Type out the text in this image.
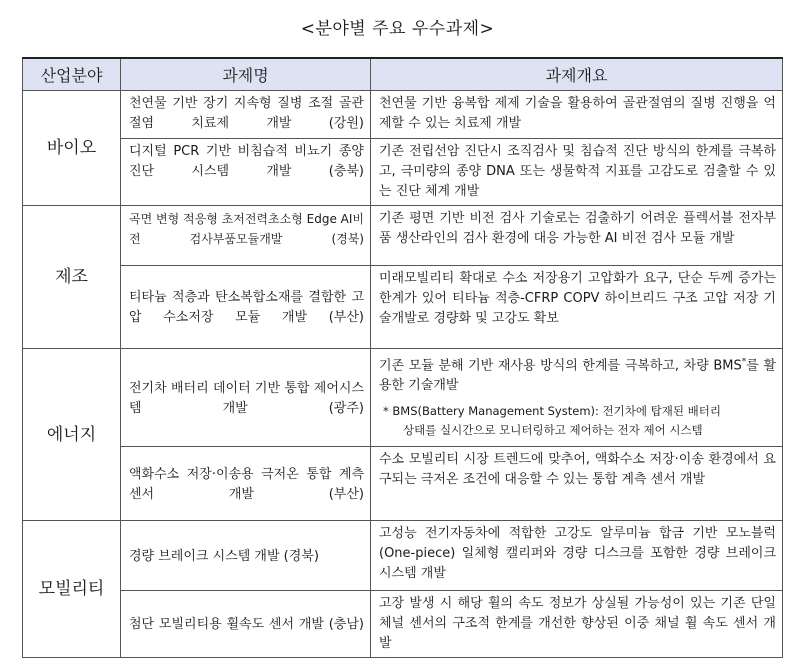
<분야별 주요 우수과제>
산업분야	과제명	과제개요
바이오	천연물 기반 장기 지속형 질병 조절 골관절염 치료제 개발 (강원)	천연물 기반 융복합 제제 기술을 활용하여 골관절염의 질병 진행을 억제할 수 있는 치료제 개발
	디지털 PCR 기반 비침습적 비뇨기 종양 진단 시스템 개발 (충북)	기존 전립선암 진단시 조직검사 및 침습적 진단 방식의 한계를 극복하고, 극미량의 종양 DNA 또는 생물학적 지표를 고감도로 검출할 수 있는 진단 체계 개발
제조	곡면 변형 적응형 초저전력초소형 Edge AI비전 검사부품모듈개발 (경북)	기존 평면 기반 비전 검사 기술로는 검출하기 어려운 플렉서블 전자부품 생산라인의 검사 환경에 대응 가능한 AI 비전 검사 모듈 개발
	티타늄 적층과 탄소복합소재를 결합한 고압 수소저장 모듈 개발 (부산)	미래모빌리티 확대로 수소 저장용기 고압화가 요구, 단순 두께 증가는 한계가 있어 티타늄 적층-CFRP COPV 하이브리드 구조 고압 저장 기술개발로 경량화 및 고강도 확보
에너지	전기차 배터리 데이터 기반 통합 제어시스템 개발 (광주)	기존 모듈 분해 기반 재사용 방식의 한계를 극복하고, 차량 BMS*를 활용한 기술개발
* BMS(Battery Management System): 전기차에 탑재된 배터리
상태를 실시간으로 모니터링하고 제어하는 전자 제어 시스템

	액화수소 저장·이송용 극저온 통합 계측 센서 개발 (부산)	수소 모빌리티 시장 트렌드에 맞추어, 액화수소 저장·이송 환경에서 요구되는 극저온 조건에 대응할 수 있는 통합 계측 센서 개발
모빌리티	경량 브레이크 시스템 개발 (경북)	고성능 전기자동차에 적합한 고강도 알루미늄 합금 기반 모노블럭(One-piece) 일체형 캘리퍼와 경량 디스크를 포함한 경량 브레이크 시스템 개발
	첨단 모빌리티용 휠속도 센서 개발 (충남)	고장 발생 시 해당 휠의 속도 정보가 상실될 가능성이 있는 기존 단일체널 센서의 구조적 한계를 개선한 향상된 이중 채널 휠 속도 센서 개발
